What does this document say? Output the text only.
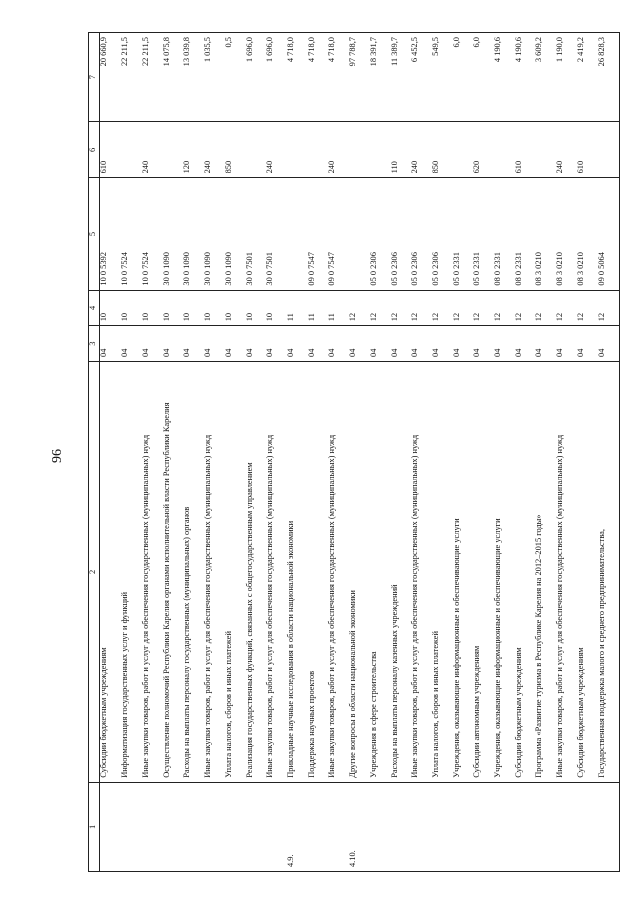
96
1	2	3	4	5	6	7
	Субсидии бюджетным учреждениям	04	10	10 0 5392	610	20 660,9
	Информатизация государственных услуг и функций	04	10	10 0 7524		22 211,5
	Иные закупки товаров, работ и услуг для обеспечения государственных (муниципальных) нужд	04	10	10 0 7524	240	22 211,5
	Осуществление полномочий Республики Карелия органами исполнительной власти Республики Карелия	04	10	30 0 1090		14 075,8
	Расходы на выплаты персоналу государственных (муниципальных) органов	04	10	30 0 1090	120	13 039,8
	Иные закупки товаров, работ и услуг для обеспечения государственных (муниципальных) нужд	04	10	30 0 1090	240	1 035,5
	Уплата налогов, сборов и иных платежей	04	10	30 0 1090	850	0,5
	Реализация государственных функций, связанных с общегосударственным управлением	04	10	30 0 7501		1 696,0
	Иные закупки товаров, работ и услуг для обеспечения государственных (муниципальных) нужд	04	10	30 0 7501	240	1 696,0
4.9.	Прикладные научные исследования в области национальной экономики	04	11			4 718,0
	Поддержка научных проектов	04	11	09 0 7547		4 718,0
	Иные закупки товаров, работ и услуг для обеспечения государственных (муниципальных) нужд	04	11	09 0 7547	240	4 718,0
4.10.	Другие вопросы в области национальной экономики	04	12			97 788,7
	Учреждения в сфере строительства	04	12	05 0 2306		18 391,7
	Расходы на выплаты персоналу казенных учреждений	04	12	05 0 2306	110	11 389,7
	Иные закупки товаров, работ и услуг для обеспечения государственных (муниципальных) нужд	04	12	05 0 2306	240	6 452,5
	Уплата налогов, сборов и иных платежей	04	12	05 0 2306	850	549,5
	Учреждения, оказывающие информационные и обеспечивающие услуги	04	12	05 0 2331		6,0
	Субсидии автономным учреждениям	04	12	05 0 2331	620	6,0
	Учреждения, оказывающие информационные и обеспечивающие услуги	04	12	08 0 2331		4 190,6
	Субсидии бюджетным учреждениям	04	12	08 0 2331	610	4 190,6
	Программа «Развитие туризма в Республике Карелия на 2012–2015 годы»	04	12	08 3 0210		3 609,2
	Иные закупки товаров, работ и услуг для обеспечения государственных (муниципальных) нужд	04	12	08 3 0210	240	1 190,0
	Субсидии бюджетным учреждениям	04	12	08 3 0210	610	2 419,2
	Государственная поддержка малого и среднего предпринимательства,	04	12	09 0 5064		26 828,3
